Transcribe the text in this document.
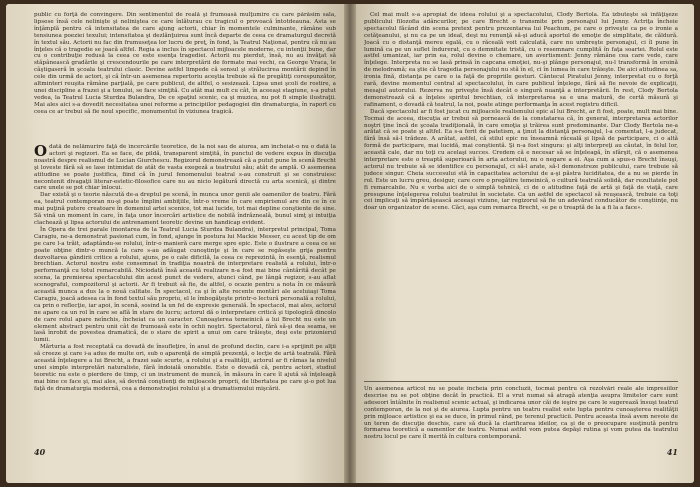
public cu forţă de convingere. Din sentimentul de reală şi frumoasă mulţumire cu care părăsim sala, lipsese însă cele nelinişte şi neliniştea ce care înlăturau cu tragicul o provoacă întotdeauna. Asta se înţâmplă pentru că intensitatea de care ajung actorii, chiar în momentele culminante, rămâne sub tensiunea poeziei texului; intensitatea şi dezlănţuirea sunt încă departe de ceea ce dramaturgul decretă în textul său. Actorii nu fac din frumuseţea lor lucru de preţ, în fond, la Teatrul Naţional, pentru că nu au înţeles că o tragedie se joacă altfel. Regia a inclus în spectacol mijloacele moderne, cu intenţii bune, dar cu o contribuţie redusă la ceea ce este esenţa tragediei. Actorii nu pierdut, însă, nu au învăţat să stăpânească gradările şi crescendourile pe care interpretării de formate mai vechi, ca George Vraca, le câştigaseră în şcoala teatrului clasic. Devine astfel limpede că sensul şi strălucirea montării depind în cele din urmă de actori, şi că într-un asemenea repertoriu aceştia trebuie să fie pregătiţi corespunzător, altminteri reuşita rămâne parţială, pe care publicul, de altfel, o sesizează. Lipsa unei şcoli de rostire, a unei discipline a frazei şi a tonului, se face simţită. Cu atât mai mult cu cât, în aceeaşi stagiune, s-a putut vedea, la Teatrul Lucia Sturdza Bulandra, De ce spaţiul scenic, ca şi muzica, nu pot fi simple ilustraţii. Mai ales aici s-a dovedit necesitatea unei reforme a principiilor pedagogiei din dramaturgia, în raport cu ceea ce ar trebui să fie noul specific, monumentul în viziunea tragică.

Odată de nelămurire faţă de încercările teoretice, de la noi sau de aiurea, am încheiat-o nu o dată la actori şi regizori. Ea se face, de pildă, transparent simţită, în punctul de vedere expus în discuţia noastră despre realismul de Lucian Giurchescu. Regizorul demonstrează că a putut pune în scenă Brecht şi loveste fără să se lase intimidat de atât de vasta exegeză a teatrului său; atât de amplă. O asemenea atitudine se poate justifica, fiind că în jurul fenomenului teatral s-au construit şi se construiesc necontenit divagaţii literar-estetic-filosofice care nu au nicio legătură directă cu arta scenică, şi dintre care unele se pot chiar înlocui.

Dar există şi o teorie născută de-a dreptul pe scenă, în munca unor genii ale oamenilor de teatru. Fără ea, teatrul contemporan nu-şi poate împlini ambiţiile, într-o vreme în care empirismul are din ce în ce mai puţină putere creatoare în domeniul artei scenice, tot mai lucide, tot mai depline conştiente de sine. Să vină un moment în care, în faţa unor încercări artistice de nobilă îndrăzneală, bunul simţ şi intuiţia clachează şi lipsa actorului de antrenament teoretic devine un handicap evident.

În Opera de trei parale (montarea de la Teatrul Lucia Sturdza Bulandra), interpretul principal, Toma Caragiu, ne-a demonstrat pasionat cum, în fond, ajunge în postura lui Mackie Messer, cu acest tip de om pe care l-a trăit, adaptându-se rolului, într-o manieră care merge spre epic. Este o ilustrare a ceea ce se poate obţine dintr-o muncă la care s-au adăugat cunoştinţe şi în care se regăseşte grija pentru dezvoltarea gândirii critice a rolului, ajuns, pe o cale dificilă, la ceea ce reprezintă, în esenţă, realismul brechtian. Actorul nostru este consemnat în tradiţia noastră de interpretare realistă a rolului, într-o performanţă cu totul remarcabilă. Niciodată însă această realizare n-a fost mai bine cântărită decât pe scena, la premierea spectacolului din acest punct de vedere, atunci când, pe lângă regizor, s-au aflat scenograful, compozitorul şi actorii. Ar fi trebuit să fie, de altfel, o ocazie pentru a nota în ce măsură această munca a dus la o nouă calitate. În spectacol, ca şi în alte recente montări ale aceluiaşi Toma Caragiu, joacă adesea ca în fond textul său propriu, el le îmbogăţeşte printr-o lectură personală a rolului, ca prin o reflecţie, iar apoi, în scenă, sosind la un fel de expresie generală. În spectacol, mai ales, actorul ne apare ca un rol în care se află în stare de lucru; actorul dă o interpretare critică şi tipologică dincolo de care rolul apare neînchis, încheiat ca un caracter. Cunoaşterea temeinică a lui Brecht nu este un element abstract pentru unii cât de frumoasă este în ochii noştri. Spectatorul, fără să-şi dea seama, se lasă înrobit de povestea dramatică, de o stare de spirit a unui om care trăieşte, deşi este prizonierul lumii.

Mărturia a fost receptată ca dovadă de însufleţire, în anul de profund declin, care i-a sprijinit pe alţii să creeze şi care i-a adus de multe ori, sub o aparenţă de simplă prezenţă, o lecţie de artă teatrală. Fără această înţelegere a lui Brecht, a frazei sale scurte, a rolului şi a realităţii, actorul ar fi rămas la nivelul unei simple interpretări naturaliste, fără îndoială onorabile. Este o dovadă că, pentru actori, studiul teoretic nu este o pierdere de timp, ci un instrument de muncă, în măsura în care îl ajută să înţeleagă mai bine ce face şi, mai ales, să devină conştienţi de mijloacele proprii, de libertatea pe care şi-o pot lua faţă de dramaturgia modernă, cea a demonstraţiei rolului şi a dramatismului mişcării.

40

Cel mai mult s-a apropiat de ideea rolului şi a spectacolului, Clody Bertola. Ea izbuteşte să înfăţişeze publicului filozofia adâncurilor, pe care Brecht o transmite prin personajul lui Jenny. Actriţa încheie spectacolul făcând din scena pretext pentru prezentarea lui Peachum, pe care o priveşte ca pe o ironie a cetăţeanului, şi nu ca pe un ideal, deşi nu renunţă să-şi aducă aportul de emoţie de simplitate, de căldură. Joacă cu o distanţă mereu egală, cu o răceală voit calculată, care nu umbreşte personajul, ci îl pune în lumină ca pe un suflet îndurerat, cu o demnitate tristă, cu o resemnare cumplită în faţa soartei. Rolul este astfel umanizat, iar prin ea, rolul devine o chemare, un avertisment: Jenny rămâne cea care vede, care înţelege. Interpreta nu se lasă prinsă în capcana emoţiei, nu-şi plânge personajul, nu-l transformă în eroină de melodramă; ea ştie că tragedia personajului nu stă în el, ci în lumea în care trăieşte. De aici atitudinea sa, ironia fină, distanţa pe care o ia faţă de propriile gesturi. Cântecul Piratului Jenny, interpretat cu o forţă rară, devine momentul central al spectacolului, în care publicul înţelege, fără să fie nevoie de explicaţii, mesajul autorului. Rezerva nu priveşte însă decât o singură nuanţă a interpretării. În rest, Clody Bertola demonstrează că a înţeles spiritul brechtian, că interpretarea sa e una matură, de certă măsură şi rafinament, o dovadă că teatrul, la noi, poate atinge performanţa în acest registru dificil.

Dacă spectacolul ar fi fost jucat cu mijloacele realismului epic al lui Brecht, ar fi fost, poate, mult mai bine. Tocmai de aceea, discuţia ar trebui să pornească de la constatarea că, în general, interpretarea actorilor noştri ţine încă de şcoala tradiţională, în care emoţia şi trăirea sunt predominante. Dar Clody Bertola ne-a arătat că se poate şi altfel. Ea s-a ferit de patetism, a ţinut la distanţă personajul, l-a comentat, l-a judecat, fără însă să-l trădeze. A arătat, astfel, că stilul epic nu înseamnă răceală şi lipsă de participare, ci o altă formă de participare, mai lucidă, mai conştientă. Şi n-a fost singura: şi alţi interpreţi au căutat, în felul lor, această cale, dar nu toţi cu acelaşi succes. Credem că e necesar să se înţeleagă, în sfârşit, că o asemenea interpretare este o treaptă superioară în arta actorului, nu o negare a ei. Aşa cum a spus-o Brecht însuşi, actorul nu trebuie să se identifice cu personajul, ci să-l arate, să-l demonstreze publicului, care trebuie să judece singur. Cheia succesului stă în capacitatea actorului de a-şi păstra luciditatea, de a nu se pierde în rol. Este un lucru greu, desigur, care cere o pregătire temeinică, o cultură teatrală solidă, dar rezultatele pot fi remarcabile. Nu e vorba aici de o simplă tehnică, ci de o atitudine faţă de artă şi faţă de viaţă, care presupune înţelegerea rolului teatrului în societate. Ca un astfel de spectacol să reuşească, trebuie ca toţi cei implicaţi să împărtăşească aceeaşi viziune, iar regizorul să fie un adevărat conducător de conştiinţe, nu doar un organizator de scene. Căci, aşa cum remarca Brecht, «e pe o treaptă de la a fi la a face».

Un asemenea articol nu se poate încheia prin concluzii, tocmai pentru că rezolvări reale ale impresiilor descrise nu se pot obţine decât în practică. El a vrut numai să atragă atenţia asupra limitelor care sunt adeseori întâlnite în realismul scenic actual, şi indicarea unor căi de ieşire pe care le sugerează însuşi teatrul contemporan, de la noi şi de aiurea. Lupta pentru un teatru realist este lupta pentru cunoaşterea realităţii prin mijloace artistice şi ea se duce, în primul rând, pe terenul practicii. Pentru aceasta însă avem nevoie de un teren de discuţie deschis, care să ducă la clarificarea ideilor, ca şi de o preocupare susţinută pentru formarea teoretică a oamenilor de teatru. Numai astfel vom putea depăşi rutina şi vom putea da teatrului nostru locul pe care îl merită în cultura contemporană.

41
